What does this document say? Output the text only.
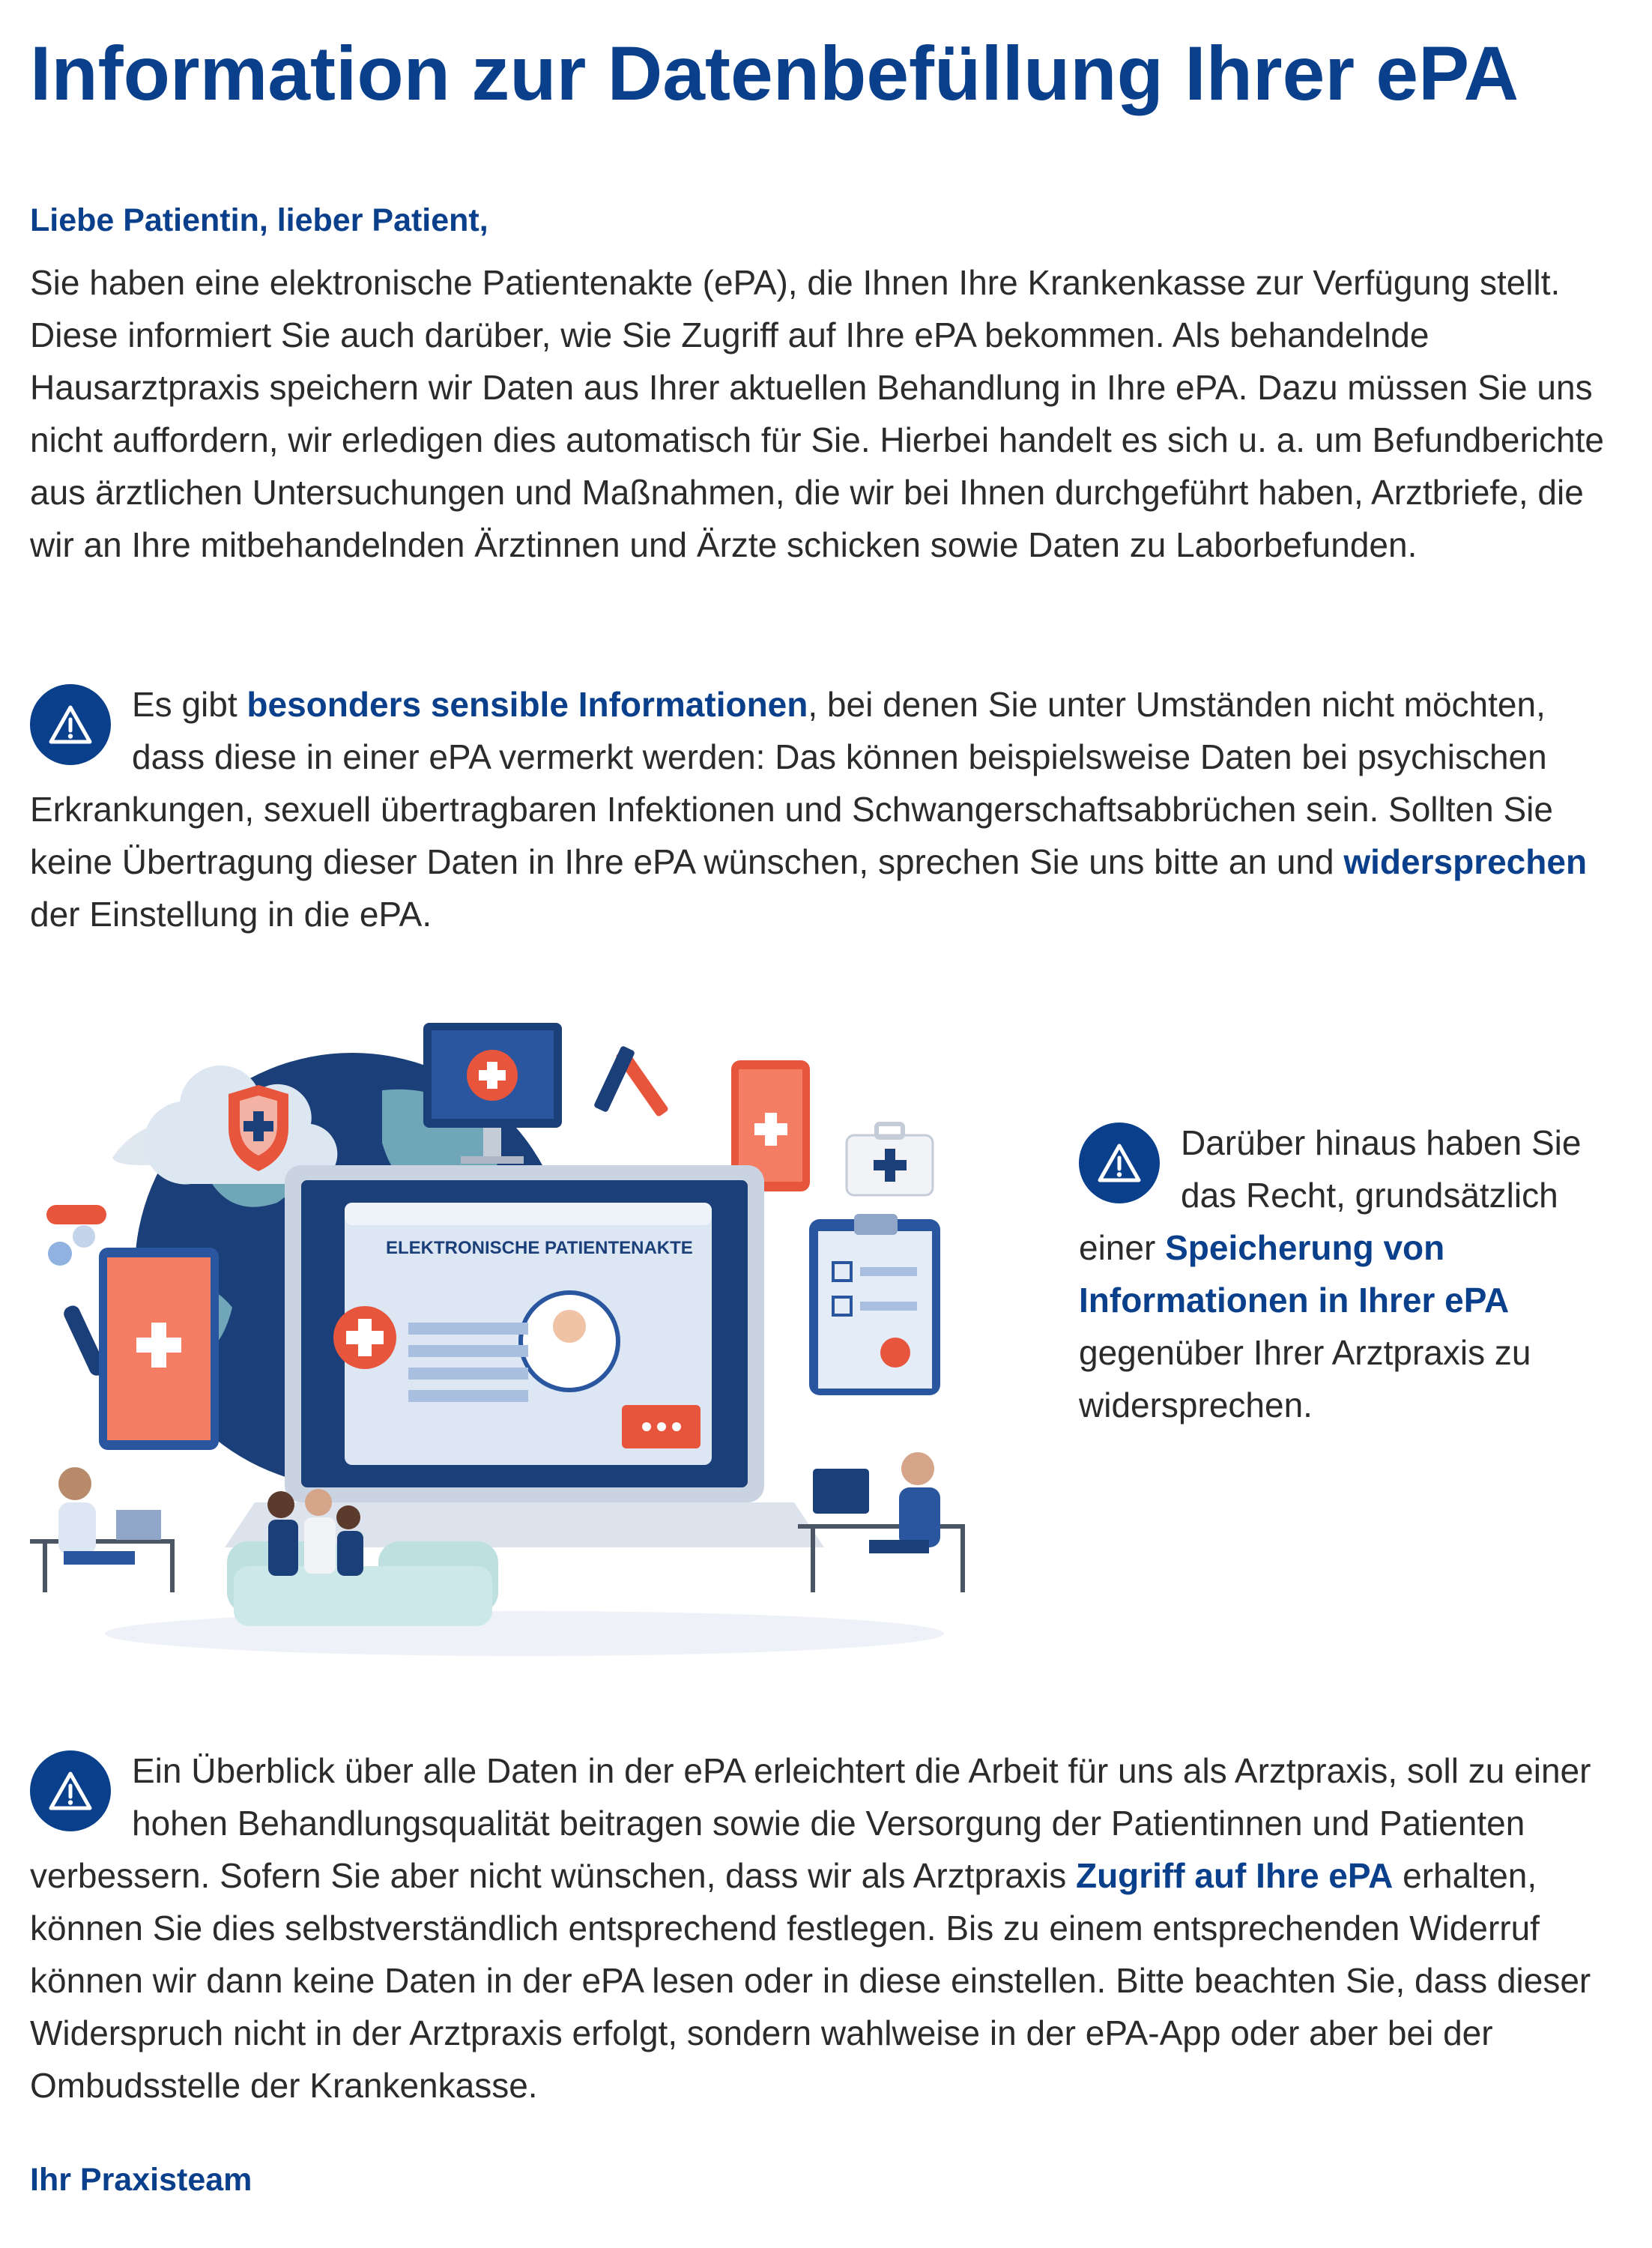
Information zur Datenbefüllung Ihrer ePA

Liebe Patientin, lieber Patient,

Sie haben eine elektronische Patientenakte (ePA), die Ihnen Ihre Krankenkasse zur Verfügung stellt. Diese informiert Sie auch darüber, wie Sie Zugriff auf Ihre ePA bekommen. Als behandelnde Hausarztpraxis speichern wir Daten aus Ihrer aktuellen Behandlung in Ihre ePA. Dazu müssen Sie uns nicht auffordern, wir erledigen dies automatisch für Sie. Hierbei handelt es sich u. a. um Befundberichte aus ärztlichen Untersuchungen und Maßnahmen, die wir bei Ihnen durchgeführt haben, Arztbriefe, die wir an Ihre mitbehandelnden Ärztinnen und Ärzte schicken sowie Daten zu Laborbefunden.

Es gibt besonders sensible Informationen, bei denen Sie unter Umständen nicht möchten, dass diese in einer ePA vermerkt werden: Das können beispielsweise Daten bei psychischen Erkrankungen, sexuell übertragbaren Infektionen und Schwangerschaftsabbrüchen sein. Sollten Sie keine Übertragung dieser Daten in Ihre ePA wünschen, sprechen Sie uns bitte an und widersprechen der Einstellung in die ePA.

ELEKTRONISCHE PATIENTENAKTE

Darüber hinaus haben Sie das Recht, grundsätzlich einer Speicherung von Informationen in Ihrer ePA gegenüber Ihrer Arztpraxis zu widersprechen.

Ein Überblick über alle Daten in der ePA erleichtert die Arbeit für uns als Arztpraxis, soll zu einer hohen Behandlungsqualität beitragen sowie die Versorgung der Patientinnen und Patienten verbessern. Sofern Sie aber nicht wünschen, dass wir als Arztpraxis Zugriff auf Ihre ePA erhalten, können Sie dies selbstverständlich entsprechend festlegen. Bis zu einem entsprechenden Widerruf können wir dann keine Daten in der ePA lesen oder in diese einstellen. Bitte beachten Sie, dass dieser Widerspruch nicht in der Arztpraxis erfolgt, sondern wahlweise in der ePA-App oder aber bei der Ombudsstelle der Krankenkasse.

Ihr Praxisteam
